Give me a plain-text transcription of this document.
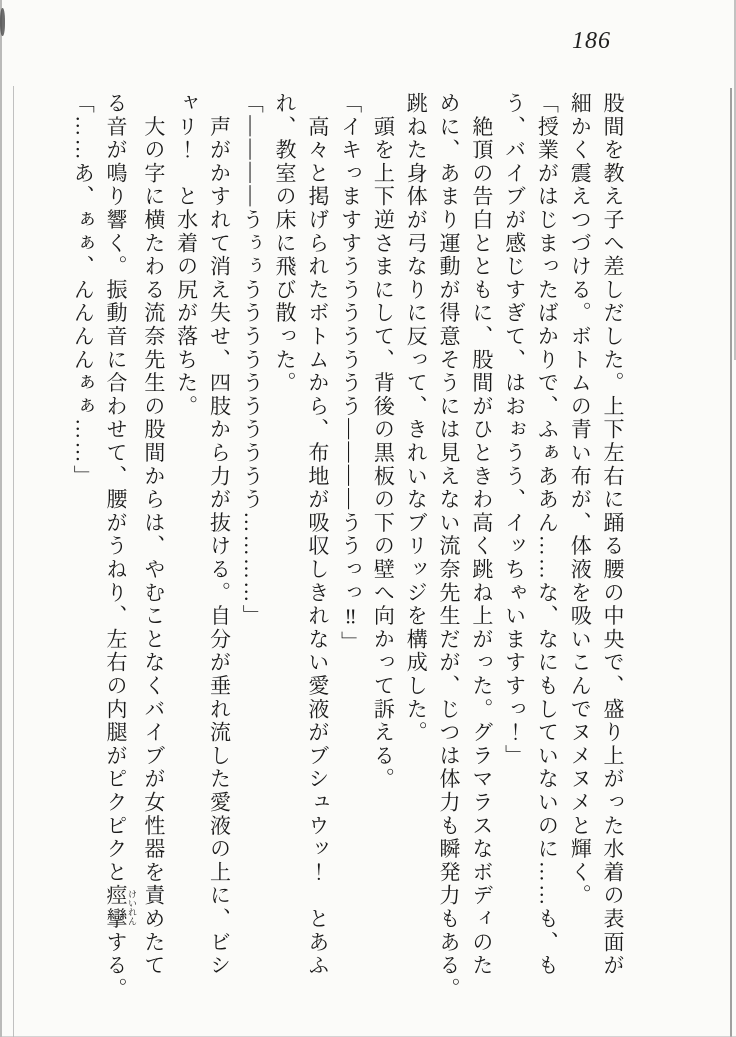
186

股間を教え子へ差しだした。上下左右に踊る腰の中央で、盛り上がった水着の表面が

細かく震えつづける。ボトムの青い布が、体液を吸いこんでヌメヌメと輝く。

「授業がはじまったばかりで、ふぁああん……な、なにもしていないのに……も、も

う、バイブが感じすぎて、はおぉうう、イッちゃいますすっ！」

　絶頂の告白とともに、股間がひときわ高く跳ね上がった。グラマラスなボディのた

めに、あまり運動が得意そうには見えない流奈先生だが、じつは体力も瞬発力もある。

跳ねた身体が弓なりに反って、きれいなブリッジを構成した。

　頭を上下逆さまにして、背後の黒板の下の壁へ向かって訴える。

「イキっますすううううううう――――ううっっ‼」

　高々と掲げられたボトムから、布地が吸収しきれない愛液がブシュウッ！　とあふ

れ、教室の床に飛び散った。

「――――うぅぅうううううううううう…………」

　声がかすれて消え失せ、四肢から力が抜ける。自分が垂れ流した愛液の上に、ビシ

ャリ！　と水着の尻が落ちた。

　大の字に横たわる流奈先生の股間からは、やむことなくバイブが女性器を責めたて

る音が鳴り響く。振動音に合わせて、腰がうねり、左右の内腿がピクピクと痙攣 けいれんする。

「……あ、ぁぁ、んんんんぁぁ……」
